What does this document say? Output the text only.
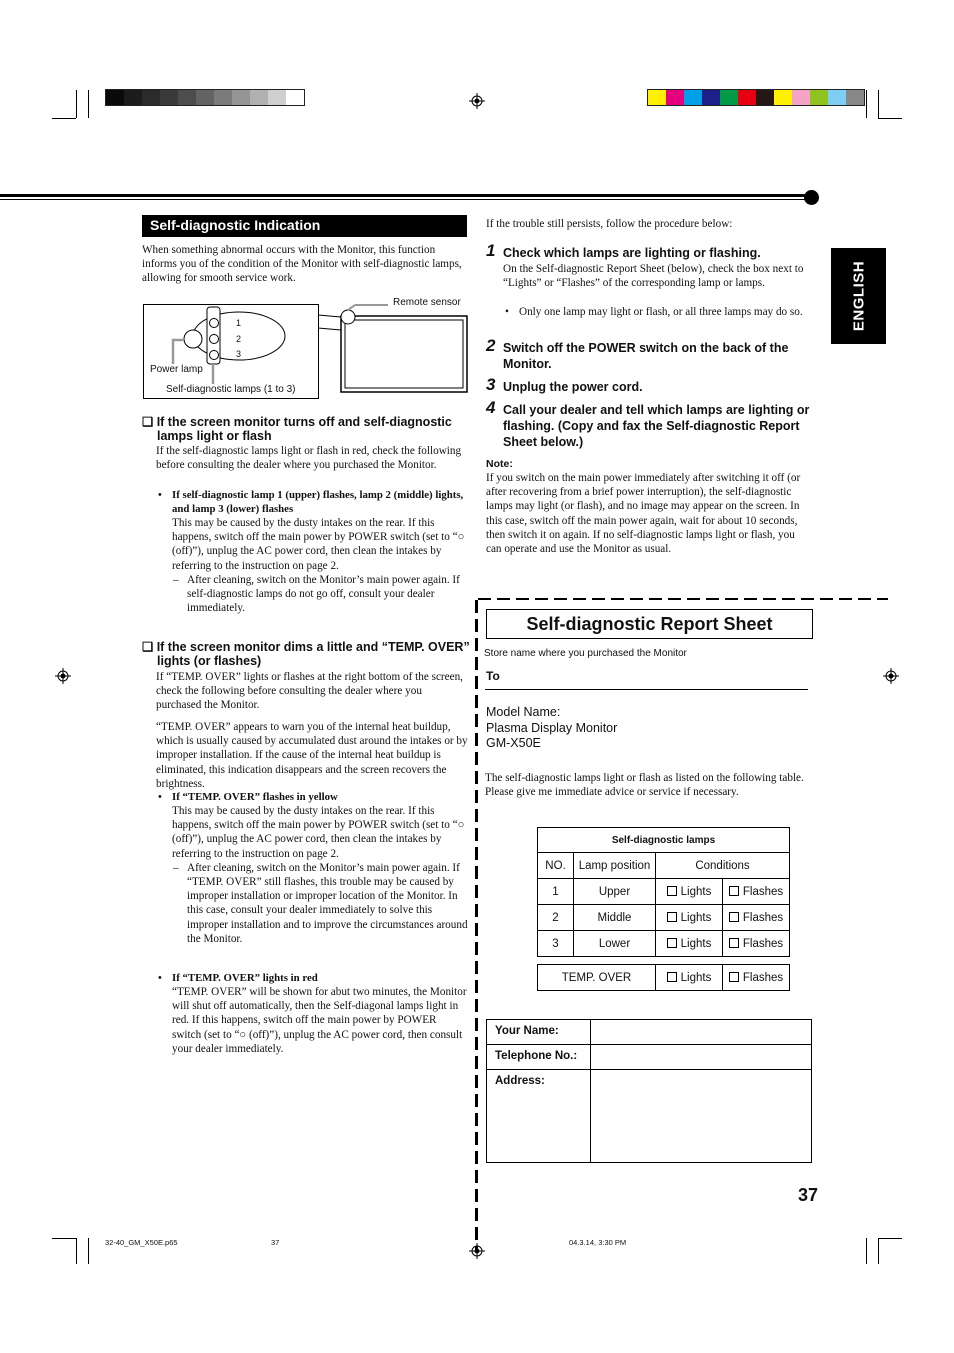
Self-diagnostic Indication
When something abnormal occurs with the Monitor, this function informs you of the condition of the Monitor with self-diagnostic lamps, allowing for smooth service work.
1
2
3
Power lamp
Self-diagnostic lamps (1 to 3)
Remote sensor
❑ If the screen monitor turns off and self-diagnostic
lamps light or flash
If the self-diagnostic lamps light or flash in red, check the following before consulting the dealer where you purchased the Monitor.
• If self-diagnostic lamp 1 (upper) flashes, lamp 2 (middle) lights, and lamp 3 (lower) flashes
This may be caused by the dusty intakes on the rear. If this happens, switch off the main power by POWER switch (set to “○ (off)”), unplug the AC power cord, then clean the intakes by referring to the instruction on page 2.
– After cleaning, switch on the Monitor’s main power again. If self-diagnostic lamps do not go off, consult your dealer immediately.
❑ If the screen monitor dims a little and “TEMP. OVER”
lights (or flashes)
If “TEMP. OVER” lights or flashes at the right bottom of the screen, check the following before consulting the dealer where you purchased the Monitor.
“TEMP. OVER” appears to warn you of the internal heat buildup, which is usually caused by accumulated dust around the intakes or by improper installation. If the cause of the internal heat buildup is eliminated, this indication disappears and the screen recovers the brightness.
• If “TEMP. OVER” flashes in yellow
This may be caused by the dusty intakes on the rear. If this happens, switch off the main power by POWER switch (set to “○ (off)”), unplug the AC power cord, then clean the intakes by referring to the instruction on page 2.
– After cleaning, switch on the Monitor’s main power again. If “TEMP. OVER” still flashes, this trouble may be caused by improper installation or improper location of the Monitor. In this case, consult your dealer immediately to solve this improper installation and to improve the circumstances around the Monitor.
• If “TEMP. OVER” lights in red
“TEMP. OVER” will be shown for abut two minutes, the Monitor will shut off automatically, then the Self-diagonal lamps light in red. If this happens, switch off the main power by POWER switch (set to “○ (off)”), unplug the AC power cord, then consult your dealer immediately.
If the trouble still persists, follow the procedure below:
1 Check which lamps are lighting or flashing.
On the Self-diagnostic Report Sheet (below), check the box next to “Lights” or “Flashes” of the corresponding lamp or lamps.
• Only one lamp may light or flash, or all three lamps may do so.
2 Switch off the POWER switch on the back of the Monitor.
3 Unplug the power cord.
4 Call your dealer and tell which lamps are lighting or flashing. (Copy and fax the Self-diagnostic Report Sheet below.)
Note:
If you switch on the main power immediately after switching it off (or after recovering from a brief power interruption), the self-diagnostic lamps may light (or flash), and no image may appear on the screen. In this case, switch off the main power again, wait for about 10 seconds, then switch it on again. If no self-diagnostic lamps light or flash, you can operate and use the Monitor as usual.
ENGLISH
Self-diagnostic Report Sheet
Store name where you purchased the Monitor
To
Model Name:
Plasma Display Monitor
GM-X50E
The self-diagnostic lamps light or flash as listed on the following table. Please give me immediate advice or service if necessary.
Self-diagnostic lamps			
NO.	Lamp position	Conditions	
1	Upper	Lights	Flashes
2	Middle	Lights	Flashes
3	Lower	Lights	Flashes
TEMP. OVER	Lights	Flashes
Your Name:	
Telephone No.:	
Address:	
37
32-40_GM_X50E.p65	37	04.3.14, 3:30 PM
